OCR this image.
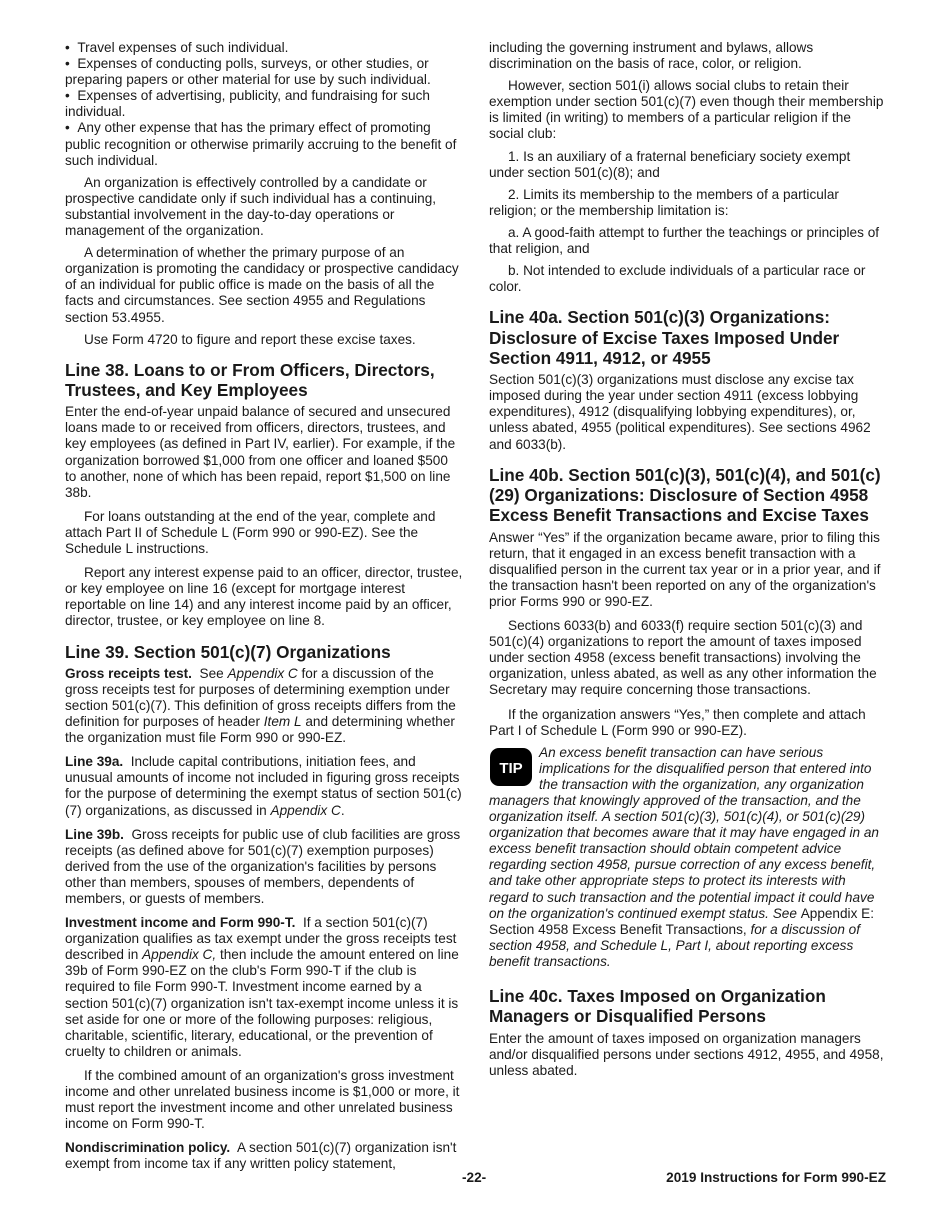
•  Travel expenses of such individual.

•  Expenses of conducting polls, surveys, or other studies, or preparing papers or other material for use by such individual.

•  Expenses of advertising, publicity, and fundraising for such individual.

•  Any other expense that has the primary effect of promoting public recognition or otherwise primarily accruing to the benefit of such individual.

An organization is effectively controlled by a candidate or prospective candidate only if such individual has a continuing, substantial involvement in the day-to-day operations or management of the organization.

A determination of whether the primary purpose of an organization is promoting the candidacy or prospective candidacy of an individual for public office is made on the basis of all the facts and circumstances. See section 4955 and Regulations section 53.4955.

Use Form 4720 to figure and report these excise taxes.

Line 38. Loans to or From Officers, Directors, Trustees, and Key Employees

Enter the end-of-year unpaid balance of secured and unsecured loans made to or received from officers, directors, trustees, and key employees (as defined in Part IV, earlier). For example, if the organization borrowed $1,000 from one officer and loaned $500 to another, none of which has been repaid, report $1,500 on line 38b.

For loans outstanding at the end of the year, complete and attach Part II of Schedule L (Form 990 or 990-EZ). See the Schedule L instructions.

Report any interest expense paid to an officer, director, trustee, or key employee on line 16 (except for mortgage interest reportable on line 14) and any interest income paid by an officer, director, trustee, or key employee on line 8.

Line 39. Section 501(c)(7) Organizations

Gross receipts test. See Appendix C for a discussion of the gross receipts test for purposes of determining exemption under section 501(c)(7). This definition of gross receipts differs from the definition for purposes of header Item L and determining whether the organization must file Form 990 or 990-EZ.

Line 39a. Include capital contributions, initiation fees, and unusual amounts of income not included in figuring gross receipts for the purpose of determining the exempt status of section 501(c)(7) organizations, as discussed in Appendix C.

Line 39b. Gross receipts for public use of club facilities are gross receipts (as defined above for 501(c)(7) exemption purposes) derived from the use of the organization's facilities by persons other than members, spouses of members, dependents of members, or guests of members.

Investment income and Form 990-T. If a section 501(c)(7) organization qualifies as tax exempt under the gross receipts test described in Appendix C, then include the amount entered on line 39b of Form 990-EZ on the club's Form 990-T if the club is required to file Form 990-T. Investment income earned by a section 501(c)(7) organization isn't tax-exempt income unless it is set aside for one or more of the following purposes: religious, charitable, scientific, literary, educational, or the prevention of cruelty to children or animals.

If the combined amount of an organization's gross investment income and other unrelated business income is $1,000 or more, it must report the investment income and other unrelated business income on Form 990-T.

Nondiscrimination policy. A section 501(c)(7) organization isn't exempt from income tax if any written policy statement,

including the governing instrument and bylaws, allows discrimination on the basis of race, color, or religion.

However, section 501(i) allows social clubs to retain their exemption under section 501(c)(7) even though their membership is limited (in writing) to members of a particular religion if the social club:

1. Is an auxiliary of a fraternal beneficiary society exempt under section 501(c)(8); and

2. Limits its membership to the members of a particular religion; or the membership limitation is:

a. A good-faith attempt to further the teachings or principles of that religion, and

b. Not intended to exclude individuals of a particular race or color.

Line 40a. Section 501(c)(3) Organizations: Disclosure of Excise Taxes Imposed Under Section 4911, 4912, or 4955

Section 501(c)(3) organizations must disclose any excise tax imposed during the year under section 4911 (excess lobbying expenditures), 4912 (disqualifying lobbying expenditures), or, unless abated, 4955 (political expenditures). See sections 4962 and 6033(b).

Line 40b. Section 501(c)(3), 501(c)(4), and 501(c)(29) Organizations: Disclosure of Section 4958 Excess Benefit Transactions and Excise Taxes

Answer “Yes” if the organization became aware, prior to filing this return, that it engaged in an excess benefit transaction with a disqualified person in the current tax year or in a prior year, and if the transaction hasn't been reported on any of the organization's prior Forms 990 or 990-EZ.

Sections 6033(b) and 6033(f) require section 501(c)(3) and 501(c)(4) organizations to report the amount of taxes imposed under section 4958 (excess benefit transactions) involving the organization, unless abated, as well as any other information the Secretary may require concerning those transactions.

If the organization answers “Yes,” then complete and attach Part I of Schedule L (Form 990 or 990-EZ).

TIP

An excess benefit transaction can have serious implications for the disqualified person that entered into the transaction with the organization, any organization managers that knowingly approved of the transaction, and the organization itself. A section 501(c)(3), 501(c)(4), or 501(c)(29) organization that becomes aware that it may have engaged in an excess benefit transaction should obtain competent advice regarding section 4958, pursue correction of any excess benefit, and take other appropriate steps to protect its interests with regard to such transaction and the potential impact it could have on the organization's continued exempt status. See Appendix E: Section 4958 Excess Benefit Transactions, for a discussion of section 4958, and Schedule L, Part I, about reporting excess benefit transactions.

Line 40c. Taxes Imposed on Organization Managers or Disqualified Persons

Enter the amount of taxes imposed on organization managers and/or disqualified persons under sections 4912, 4955, and 4958, unless abated.

-22-	2019 Instructions for Form 990-EZ
